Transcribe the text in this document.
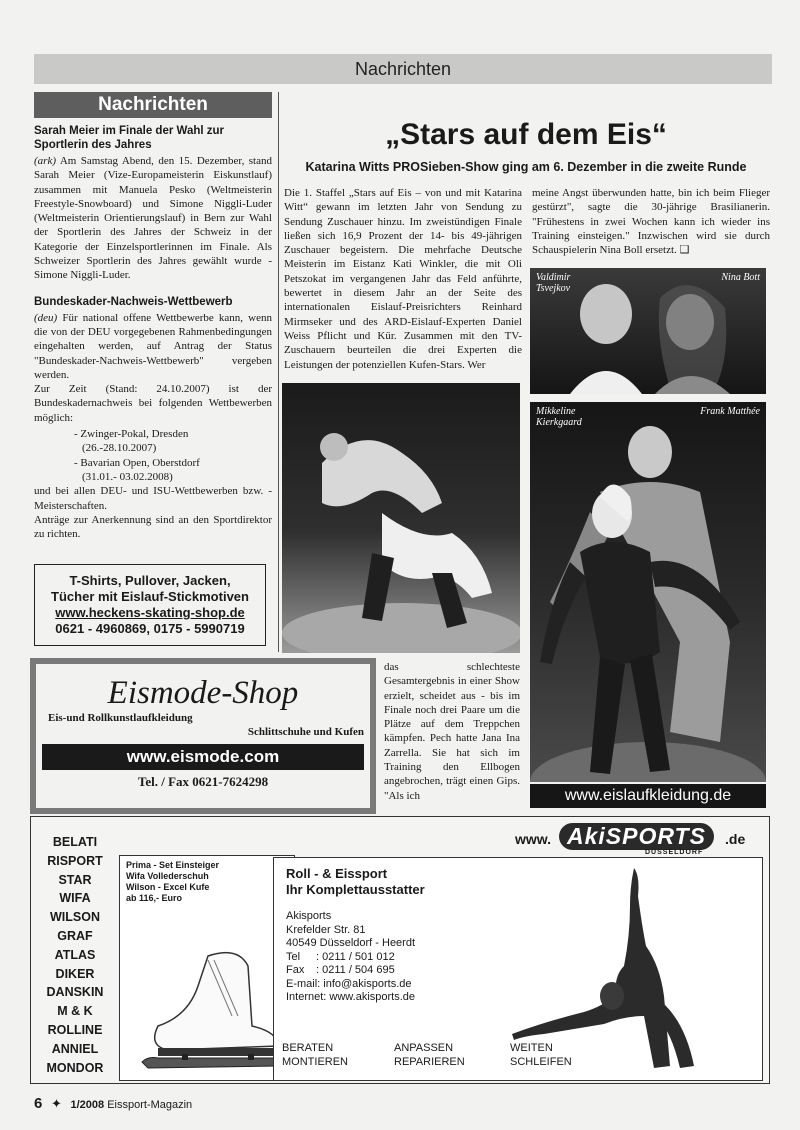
Nachrichten
Nachrichten
Sarah Meier im Finale der Wahl zur Sportlerin des Jahres

(ark) Am Samstag Abend, den 15. Dezember, stand Sarah Meier (Vize-Europameisterin Eiskunstlauf) zusammen mit Manuela Pesko (Weltmeisterin Freestyle-Snowboard) und Simone Niggli-Luder (Weltmeisterin Orientierungslauf) in Bern zur Wahl der Sportlerin des Jahres der Schweiz in der Kategorie der Einzelsportlerinnen im Finale. Als Schweizer Sportlerin des Jahres gewählt wurde - Simone Niggli-Luder.

Bundeskader-Nachweis-Wettbewerb

(deu) Für national offene Wettbewerbe kann, wenn die von der DEU vorgegebenen Rahmenbedingungen eingehalten werden, auf Antrag der Status "Bundeskader-Nachweis-Wettbewerb" vergeben werden.

Zur Zeit (Stand: 24.10.2007) ist der Bundeskadernachweis bei folgenden Wettbewerben möglich:

- Zwinger-Pokal, Dresden
(26.-28.10.2007)
- Bavarian Open, Oberstdorf
(31.01.- 03.02.2008)

und bei allen DEU- und ISU-Wettbewerben bzw. -Meisterschaften.

Anträge zur Anerkennung sind an den Sportdirektor zu richten.

T-Shirts, Pullover, Jacken,
Tücher mit Eislauf-Stickmotiven
www.heckens-skating-shop.de
0621 - 4960869, 0175 - 5990719
Eismode-Shop
Eis-und Rollkunstlaufkleidung
Schlittschuhe und Kufen
www.eismode.com
Tel. / Fax 0621-7624298
„Stars auf dem Eis“
Katarina Witts PROSieben-Show ging am 6. Dezember in die zweite Runde

Die 1. Staffel „Stars auf Eis – von und mit Katarina Witt“ gewann im letzten Jahr von Sendung zu Sendung Zuschauer hinzu. Im zweistündigen Finale ließen sich 16,9 Prozent der 14- bis 49-jährigen Zuschauer begeistern. Die mehrfache Deutsche Meisterin im Eistanz Kati Winkler, die mit Oli Petszokat im vergangenen Jahr das Feld anführte, bewertet in diesem Jahr an der Seite des internationalen Eislauf-Preisrichters Reinhard Mirmseker und des ARD-Eislauf-Experten Daniel Weiss Pflicht und Kür. Zusammen mit den TV-Zuschauern beurteilen die drei Experten die Leistungen der potenziellen Kufen-Stars. Wer

das schlechteste Gesamtergebnis in einer Show erzielt, scheidet aus - bis im Finale noch drei Paare um die Plätze auf dem Treppchen kämpfen. Pech hatte Jana Ina Zarrella. Sie hat sich im Training den Ellbogen angebrochen, trägt einen Gips. "Als ich

meine Angst überwunden hatte, bin ich beim Flieger gestürzt", sagte die 30-jährige Brasilianerin. "Frühestens in zwei Wochen kann ich wieder ins Training einsteigen." Inzwischen wird sie durch Schauspielerin Nina Boll ersetzt. ❑

Valdimir Tsvejkov
Nina Bott
Mikkeline Kierkgaard
Frank Matthée
www.eislaufkleidung.de
BELATI
RISPORT
STAR
WIFA
WILSON
GRAF
ATLAS
DIKER
DANSKIN
M & K
ROLLINE
ANNIEL
MONDOR
Prima - Set Einsteiger
Wifa Vollederschuh
Wilson - Excel Kufe
ab 116,- Euro
www. AkiSPORTS
DÜSSELDORF
.de
Roll - & Eissport
Ihr Komplettausstatter
Akisports
Krefelder Str. 81
40549 Düsseldorf - Heerdt
Tel : 0211 / 501 012
Fax : 0211 / 504 695
E-mail: info@akisports.de
Internet: www.akisports.de
BERATEN
MONTIEREN
ANPASSEN
REPARIEREN
WEITEN
SCHLEIFEN
6 ✦ 1/2008 Eissport-Magazin
